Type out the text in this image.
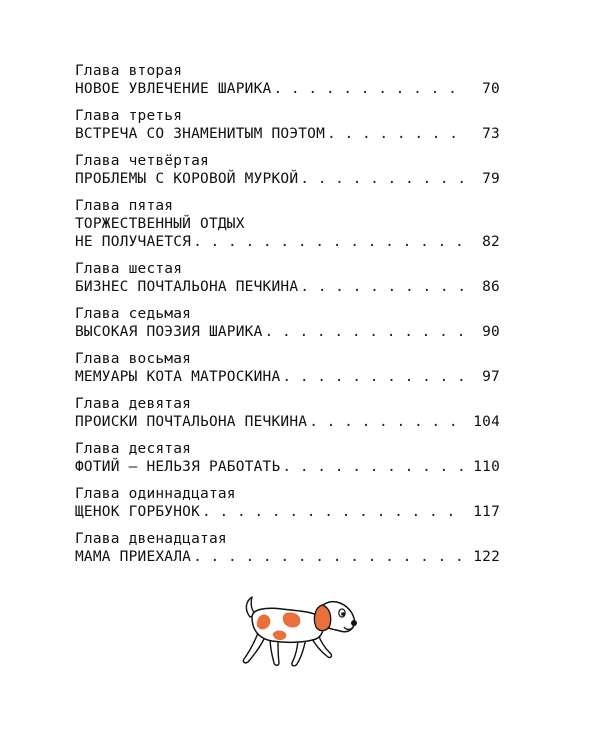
Глава вторая
НОВОЕ УВЛЕЧЕНИЕ ШАРИКА . . .	70
Глава третья
ВСТРЕЧА СО ЗНАМЕНИТЫМ ПОЭТОМ . . .	73
Глава четвёртая
ПРОБЛЕМЫ С КОРОВОЙ МУРКОЙ . . .	79
Глава пятая
ТОРЖЕСТВЕННЫЙ ОТДЫХ
НЕ ПОЛУЧАЕТСЯ . . .	82
Глава шестая
БИЗНЕС ПОЧТАЛЬОНА ПЕЧКИНА . . .	86
Глава седьмая
ВЫСОКАЯ ПОЭЗИЯ ШАРИКА . . .	90
Глава восьмая
МЕМУАРЫ КОТА МАТРОСКИНА . . .	97
Глава девятая
ПРОИСКИ ПОЧТАЛЬОНА ПЕЧКИНА . . .	104
Глава десятая
ФОТИЙ — НЕЛЬЗЯ РАБОТАТЬ . . .	110
Глава одиннадцатая
ЩЕНОК ГОРБУНОК . . .	117
Глава двенадцатая
МАМА ПРИЕХАЛА . . .	122
